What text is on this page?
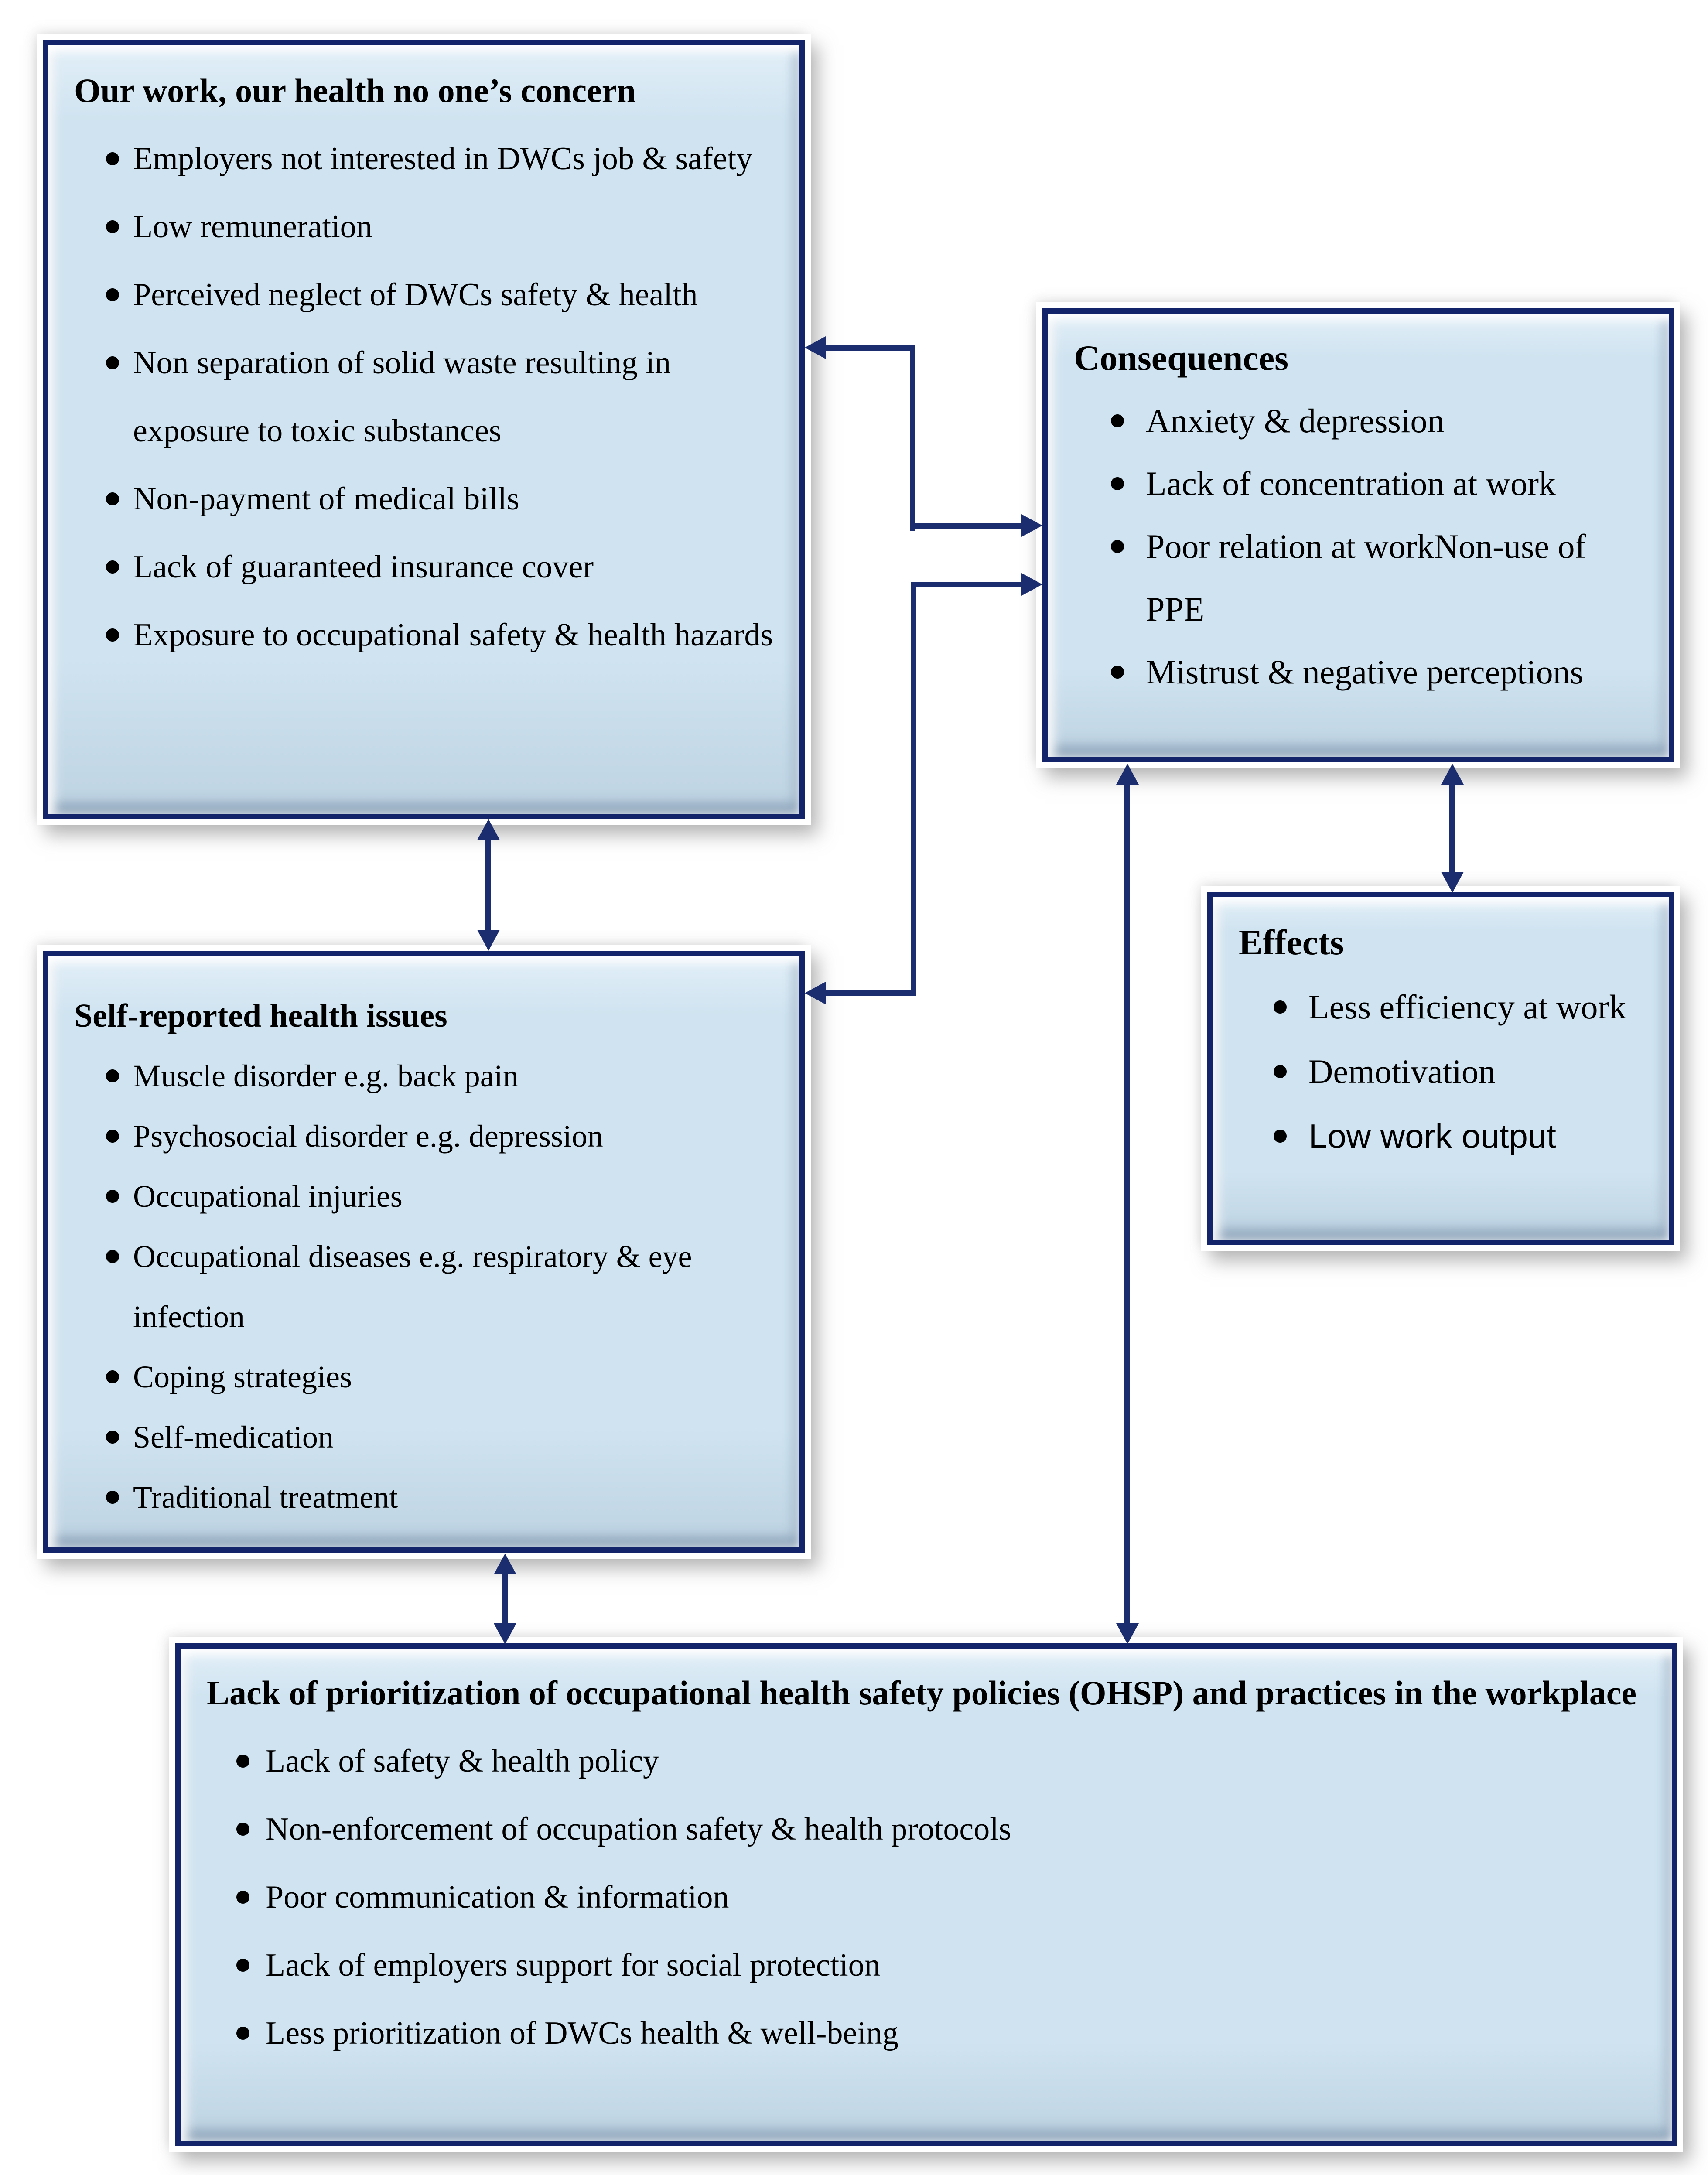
Our work, our health no one’s concern
Employers not interested in DWCs job & safety
Low remuneration
Perceived neglect of DWCs safety & health
Non separation of solid waste resulting in exposure to toxic substances
Non-payment of medical bills
Lack of guaranteed insurance cover
Exposure to occupational safety & health hazards
Consequences
Anxiety & depression
Lack of concentration at work
Poor relation at workNon-use of PPE
Mistrust & negative perceptions
Effects
Less efficiency at work
Demotivation
Low work output
Self-reported health issues
Muscle disorder e.g. back pain
Psychosocial disorder e.g. depression
Occupational injuries
Occupational diseases e.g. respiratory & eye infection
Coping strategies
Self-medication
Traditional treatment
Lack of prioritization of occupational health safety policies (OHSP) and practices in the workplace
Lack of safety & health policy
Non-enforcement of occupation safety & health protocols
Poor communication & information
Lack of employers support for social protection
Less prioritization of DWCs health & well-being
